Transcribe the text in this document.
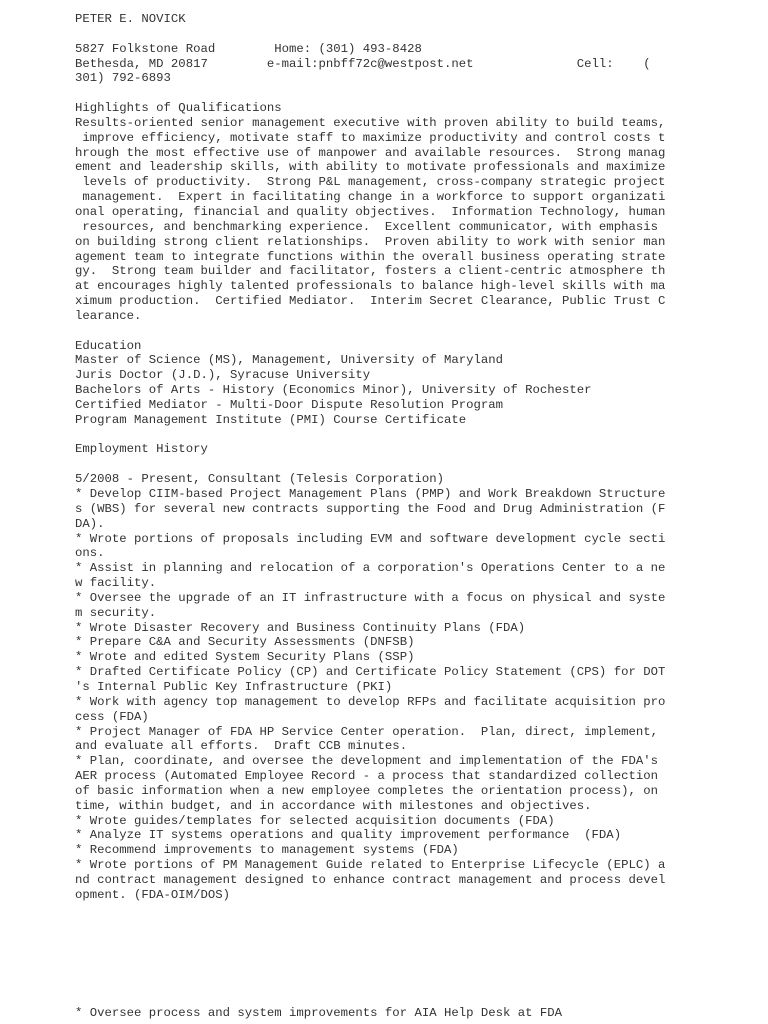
PETER E. NOVICK
5827 Folkstone Road        Home: (301) 493-8428
Bethesda, MD 20817        e-mail:pnbff72c@westpost.net              Cell:    (
301) 792-6893
Highlights of Qualifications
Results-oriented senior management executive with proven ability to build teams,
improve efficiency, motivate staff to maximize productivity and control costs t
hrough the most effective use of manpower and available resources.  Strong manag
ement and leadership skills, with ability to motivate professionals and maximize
levels of productivity.  Strong P&L management, cross-company strategic project
management.  Expert in facilitating change in a workforce to support organizati
onal operating, financial and quality objectives.  Information Technology, human
resources, and benchmarking experience.  Excellent communicator, with emphasis
on building strong client relationships.  Proven ability to work with senior man
agement team to integrate functions within the overall business operating strate
gy.  Strong team builder and facilitator, fosters a client-centric atmosphere th
at encourages highly talented professionals to balance high-level skills with ma
ximum production.  Certified Mediator.  Interim Secret Clearance, Public Trust C
learance.
Education
Master of Science (MS), Management, University of Maryland
Juris Doctor (J.D.), Syracuse University
Bachelors of Arts - History (Economics Minor), University of Rochester
Certified Mediator - Multi-Door Dispute Resolution Program
Program Management Institute (PMI) Course Certificate
Employment History
5/2008 - Present, Consultant (Telesis Corporation)
* Develop CIIM-based Project Management Plans (PMP) and Work Breakdown Structure
s (WBS) for several new contracts supporting the Food and Drug Administration (F
DA).
* Wrote portions of proposals including EVM and software development cycle secti
ons.
* Assist in planning and relocation of a corporation's Operations Center to a ne
w facility.
* Oversee the upgrade of an IT infrastructure with a focus on physical and syste
m security.
* Wrote Disaster Recovery and Business Continuity Plans (FDA)
* Prepare C&A and Security Assessments (DNFSB)
* Wrote and edited System Security Plans (SSP)
* Drafted Certificate Policy (CP) and Certificate Policy Statement (CPS) for DOT
's Internal Public Key Infrastructure (PKI)
* Work with agency top management to develop RFPs and facilitate acquisition pro
cess (FDA)
* Project Manager of FDA HP Service Center operation.  Plan, direct, implement,
and evaluate all efforts.  Draft CCB minutes.
* Plan, coordinate, and oversee the development and implementation of the FDA's
AER process (Automated Employee Record - a process that standardized collection
of basic information when a new employee completes the orientation process), on
time, within budget, and in accordance with milestones and objectives.
* Wrote guides/templates for selected acquisition documents (FDA)
* Analyze IT systems operations and quality improvement performance  (FDA)
* Recommend improvements to management systems (FDA)
* Wrote portions of PM Management Guide related to Enterprise Lifecycle (EPLC) a
nd contract management designed to enhance contract management and process devel
opment. (FDA-OIM/DOS)
* Oversee process and system improvements for AIA Help Desk at FDA
